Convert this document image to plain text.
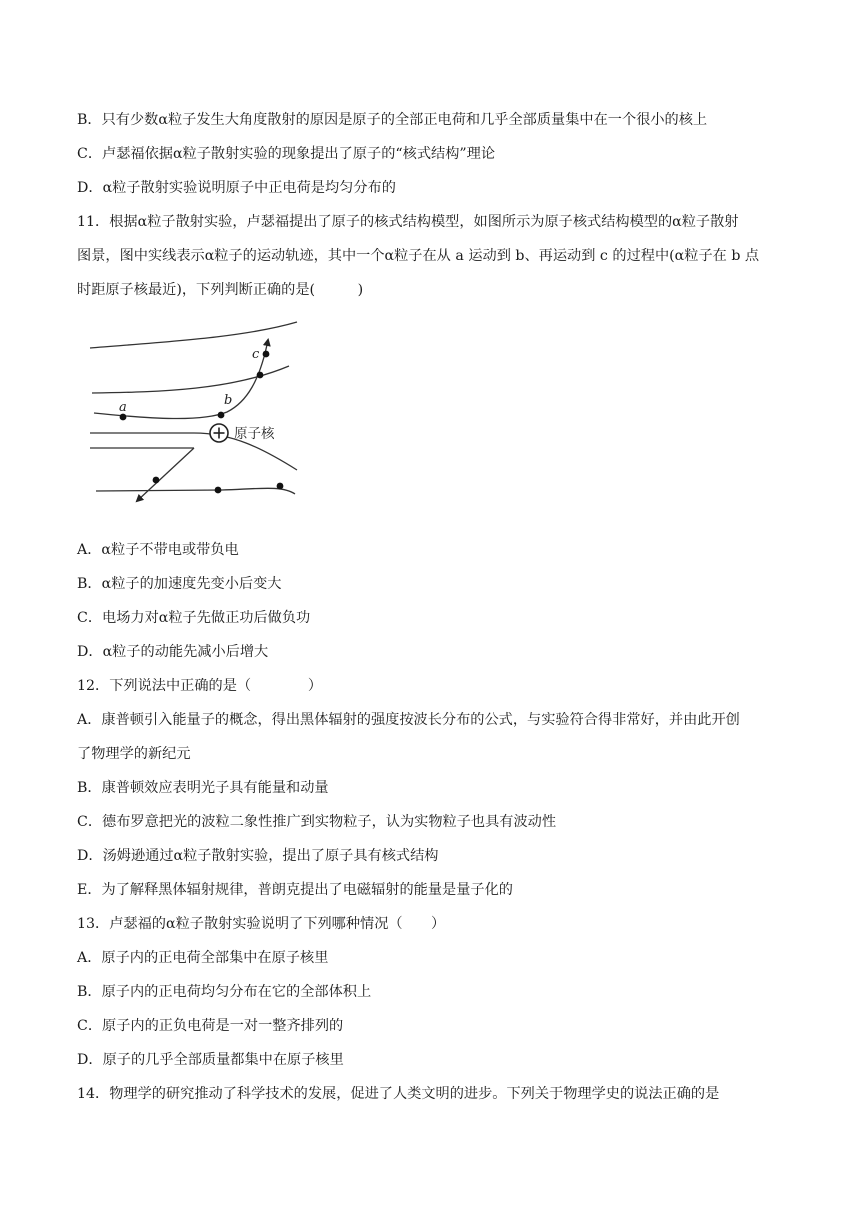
B．只有少数α粒子发生大角度散射的原因是原子的全部正电荷和几乎全部质量集中在一个很小的核上
C．卢瑟福依据α粒子散射实验的现象提出了原子的“核式结构”理论
D．α粒子散射实验说明原子中正电荷是均匀分布的
11．根据α粒子散射实验，卢瑟福提出了原子的核式结构模型，如图所示为原子核式结构模型的α粒子散射
图景，图中实线表示α粒子的运动轨迹，其中一个α粒子在从 a 运动到 b、再运动到 c 的过程中(α粒子在 b 点
时距原子核最近)，下列判断正确的是(　　　)
a	b
c
原子核
A．α粒子不带电或带负电
B．α粒子的加速度先变小后变大
C．电场力对α粒子先做正功后做负功
D．α粒子的动能先减小后增大
12．下列说法中正确的是（　　　　）
A．康普顿引入能量子的概念，得出黑体辐射的强度按波长分布的公式，与实验符合得非常好，并由此开创
了物理学的新纪元
B．康普顿效应表明光子具有能量和动量
C．德布罗意把光的波粒二象性推广到实物粒子，认为实物粒子也具有波动性
D．汤姆逊通过α粒子散射实验，提出了原子具有核式结构
E．为了解释黑体辐射规律，普朗克提出了电磁辐射的能量是量子化的
13．卢瑟福的α粒子散射实验说明了下列哪种情况（　　）
A．原子内的正电荷全部集中在原子核里
B．原子内的正电荷均匀分布在它的全部体积上
C．原子内的正负电荷是一对一整齐排列的
D．原子的几乎全部质量都集中在原子核里
14．物理学的研究推动了科学技术的发展，促进了人类文明的进步。下列关于物理学史的说法正确的是
